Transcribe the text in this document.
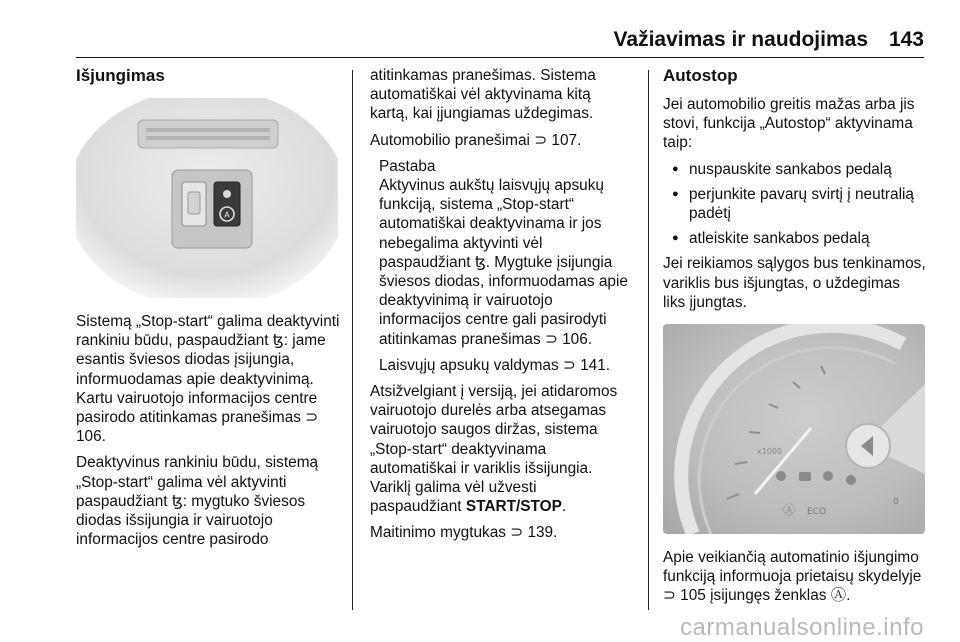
Važiavimas ir naudojimas 143
Išjungimas
A

Sistemą „Stop-start“ galima deaktyvinti rankiniu būdu, paspaudžiant ꜩ: jame esantis šviesos diodas įsijungia, informuodamas apie deaktyvinimą. Kartu vairuotojo informacijos centre pasirodo atitinkamas pranešimas ⊃ 106.

Deaktyvinus rankiniu būdu, sistemą „Stop-start“ galima vėl aktyvinti paspaudžiant ꜩ: mygtuko šviesos diodas išsijungia ir vairuotojo informacijos centre pasirodo

atitinkamas pranešimas. Sistema automatiškai vėl aktyvinama kitą kartą, kai įjungiamas uždegimas.

Automobilio pranešimai ⊃ 107.

Pastaba

Aktyvinus aukštų laisvųjų apsukų funkciją, sistema „Stop-start“ automatiškai deaktyvinama ir jos nebegalima aktyvinti vėl paspaudžiant ꜩ. Mygtuke įsijungia šviesos diodas, informuodamas apie deaktyvinimą ir vairuotojo informacijos centre gali pasirodyti atitinkamas pranešimas ⊃ 106.

Laisvųjų apsukų valdymas ⊃ 141.

Atsižvelgiant į versiją, jei atidaromos vairuotojo durelės arba atsegamas vairuotojo saugos diržas, sistema „Stop-start“ deaktyvinama automatiškai ir variklis išsijungia. Variklį galima vėl užvesti paspaudžiant START/STOP.

Maitinimo mygtukas ⊃ 139.

Autostop

Jei automobilio greitis mažas arba jis stovi, funkcija „Autostop“ aktyvinama taip:

● nuspauskite sankabos pedalą
● perjunkite pavarų svirtį į neutralią padėtį
● atleiskite sankabos pedalą

Jei reikiamos sąlygos bus tenkinamos, variklis bus išjungtas, o uždegimas liks įjungtas.

x1000
Ⓐ ECO
0

Apie veikiančią automatinio išjungimo funkciją informuoja prietaisų skydelyje ⊃ 105 įsijungęs ženklas Ⓐ.

carmanualsonline.info
